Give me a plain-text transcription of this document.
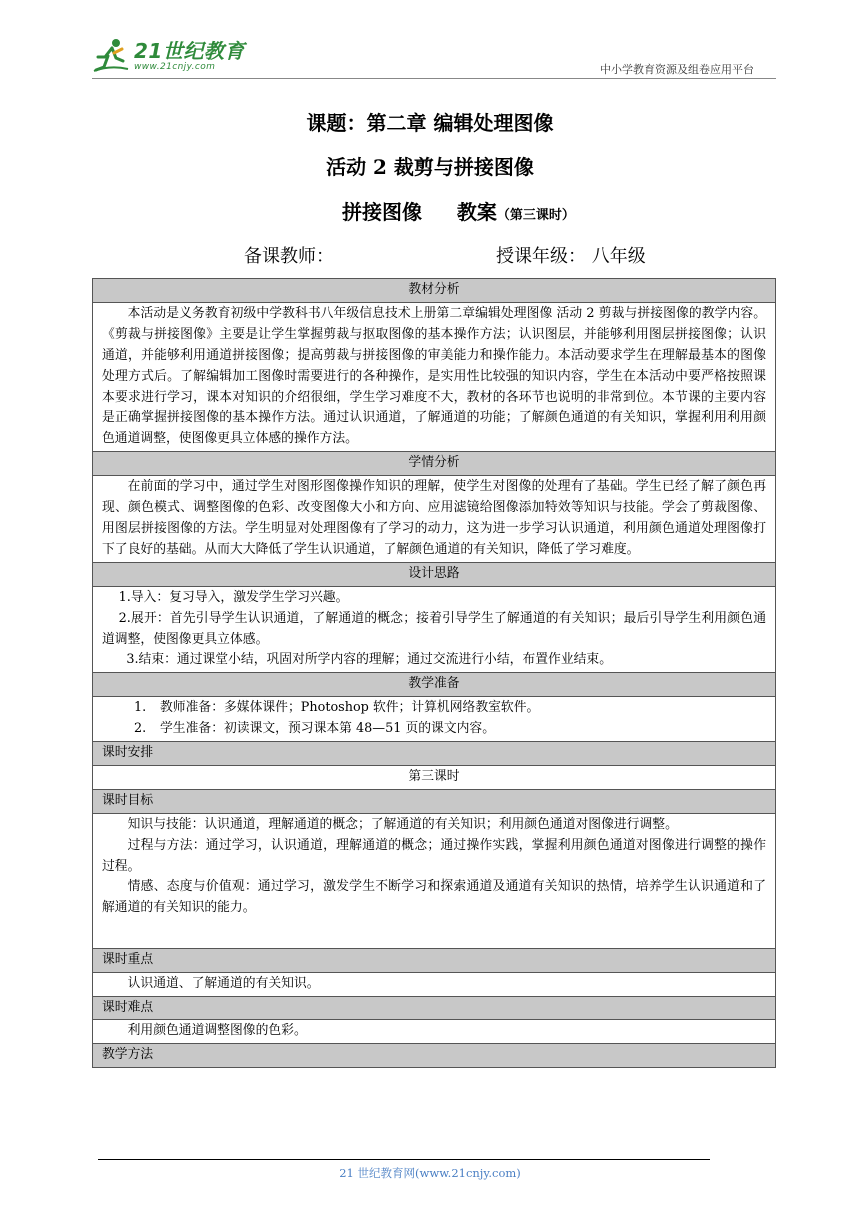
21世纪教育
www.21cnjy.com	中小学教育资源及组卷应用平台
课题：第二章 编辑处理图像
活动 2 裁剪与拼接图像
拼接图像     教案（第三课时）
备课教师：	授课年级： 八年级
教材分析

本活动是义务教育初级中学教科书八年级信息技术上册第二章编辑处理图像 活动 2 剪裁与拼接图像的教学内容。《剪裁与拼接图像》主要是让学生掌握剪裁与抠取图像的基本操作方法；认识图层，并能够利用图层拼接图像；认识通道，并能够利用通道拼接图像；提高剪裁与拼接图像的审美能力和操作能力。本活动要求学生在理解最基本的图像处理方式后。了解编辑加工图像时需要进行的各种操作，是实用性比较强的知识内容，学生在本活动中要严格按照课本要求进行学习，课本对知识的介绍很细，学生学习难度不大，教材的各环节也说明的非常到位。本节课的主要内容是正确掌握拼接图像的基本操作方法。通过认识通道，了解通道的功能；了解颜色通道的有关知识，掌握利用利用颜色通道调整，使图像更具立体感的操作方法。

学情分析

在前面的学习中，通过学生对图形图像操作知识的理解，使学生对图像的处理有了基础。学生已经了解了颜色再现、颜色模式、调整图像的色彩、改变图像大小和方向、应用滤镜给图像添加特效等知识与技能。学会了剪裁图像、用图层拼接图像的方法。学生明显对处理图像有了学习的动力，这为进一步学习认识通道，利用颜色通道处理图像打下了良好的基础。从而大大降低了学生认识通道，了解颜色通道的有关知识，降低了学习难度。

设计思路

1.导入：复习导入，激发学生学习兴趣。

2.展开：首先引导学生认识通道，了解通道的概念；接着引导学生了解通道的有关知识；最后引导学生利用颜色通道调整，使图像更具立体感。

3.结束：通过课堂小结，巩固对所学内容的理解；通过交流进行小结，布置作业结束。

教学准备

1. 教师准备：多媒体课件；Photoshop 软件；计算机网络教室软件。

2. 学生准备：初读课文，预习课本第 48—51 页的课文内容。

课时安排
第三课时
课时目标

知识与技能：认识通道，理解通道的概念；了解通道的有关知识；利用颜色通道对图像进行调整。

过程与方法：通过学习，认识通道，理解通道的概念；通过操作实践，掌握利用颜色通道对图像进行调整的操作过程。

情感、态度与价值观：通过学习，激发学生不断学习和探索通道及通道有关知识的热情，培养学生认识通道和了解通道的有关知识的能力。

课时重点

认识通道、了解通道的有关知识。

课时难点

利用颜色通道调整图像的色彩。

教学方法
21 世纪教育网(www.21cnjy.com)
